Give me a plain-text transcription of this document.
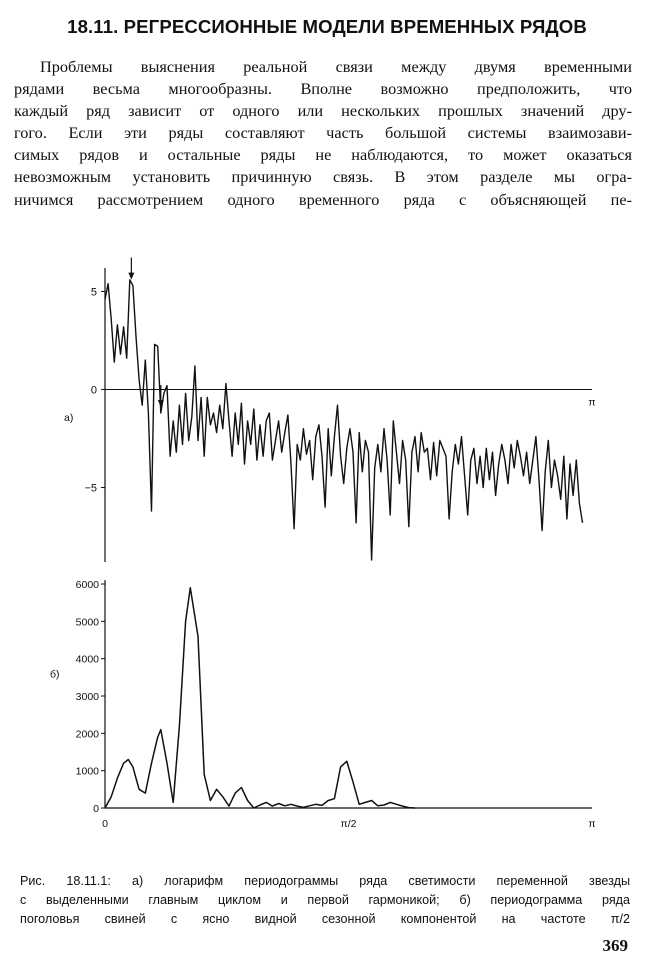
18.11. РЕГРЕССИОННЫЕ МОДЕЛИ ВРЕМЕННЫХ РЯДОВ
Проблемы выяснения реальной связи между двумя временными
рядами весьма многообразны. Вполне возможно предположить, что
каждый ряд зависит от одного или нескольких прошлых значений дру-
гого. Если эти ряды составляют часть большой системы взаимозави-
симых рядов и остальные ряды не наблюдаются, то может оказаться
невозможным установить причинную связь. В этом разделе мы огра-
ничимся рассмотрением одного временного ряда с объясняющей пе-
5
0
−5
π
а)
0
1000
2000
3000
4000
5000
6000
0	π/2	π
б)
Рис. 18.11.1: а) логарифм периодограммы ряда светимости переменной звезды
с выделенными главным циклом и первой гармоникой; б) периодограмма ряда
поголовья свиней с ясно видной сезонной компонентой на частоте π/2
369
